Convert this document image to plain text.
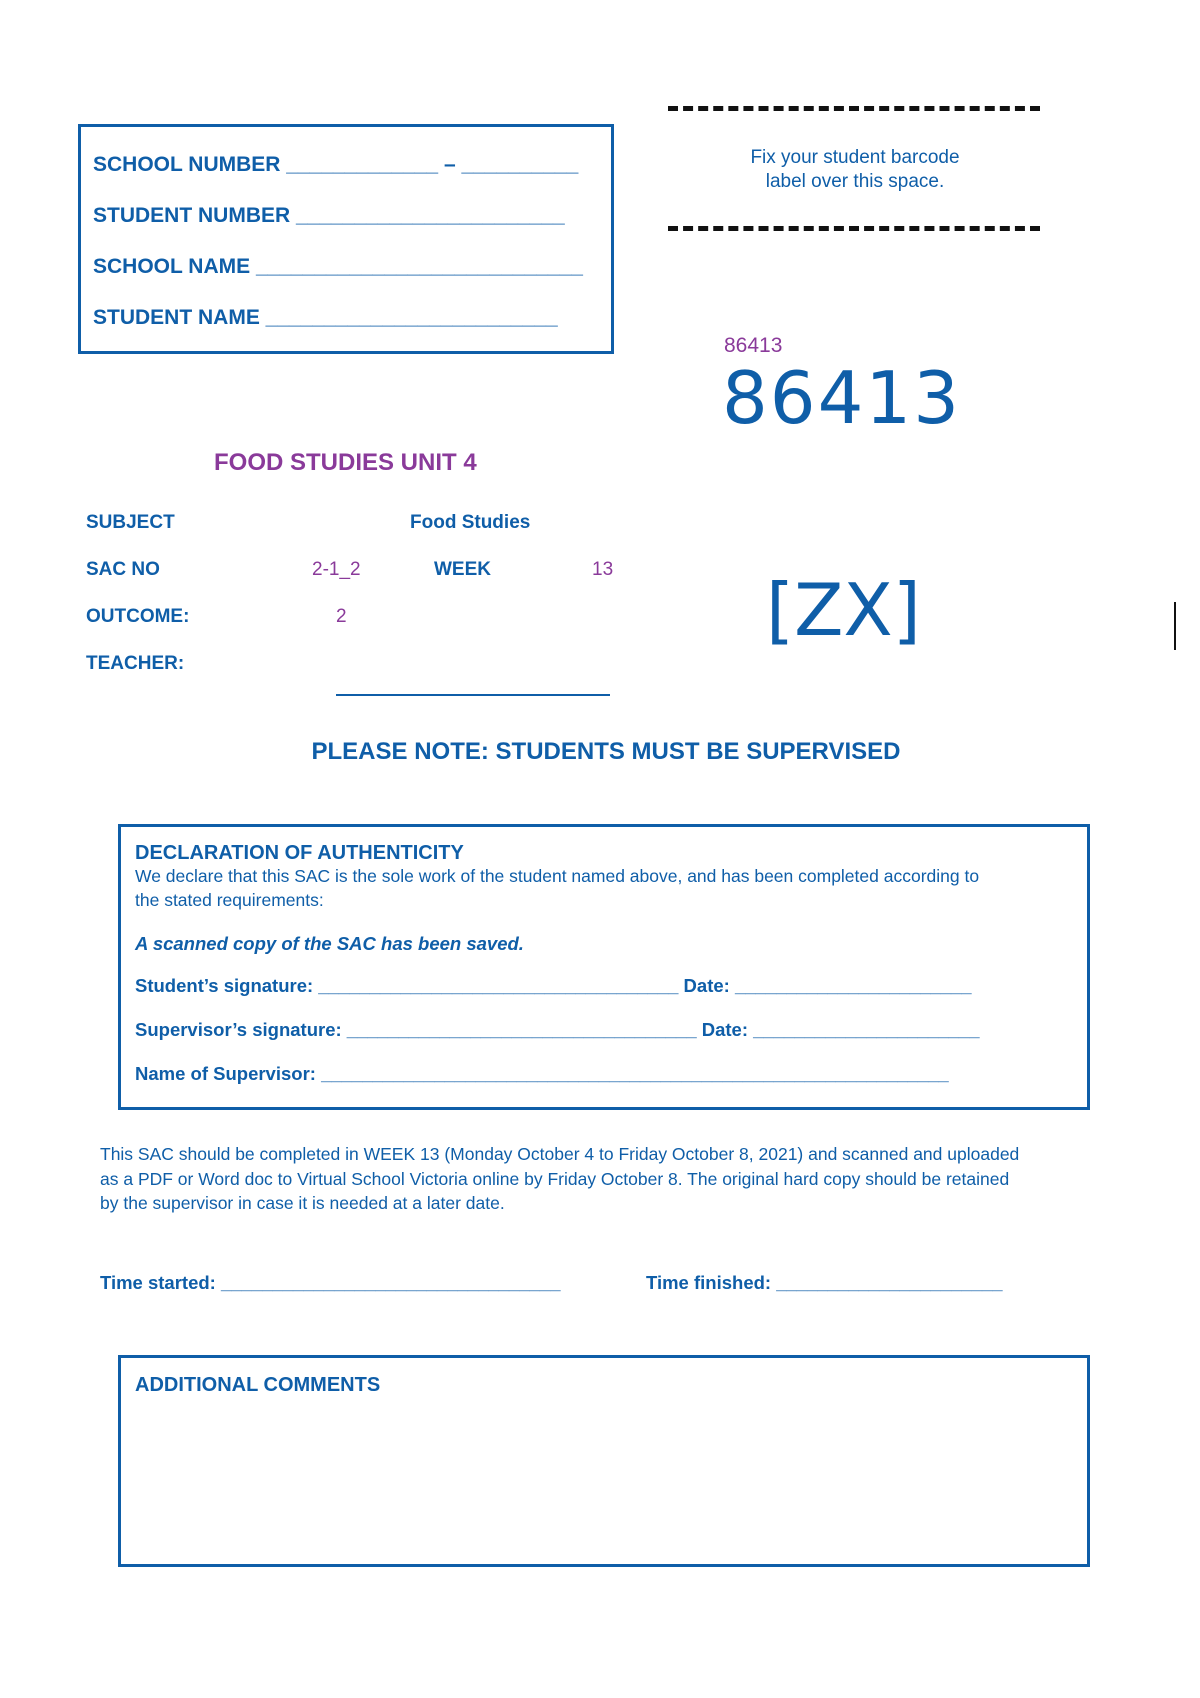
SCHOOL NUMBER _____________ – __________
STUDENT NUMBER _______________________
SCHOOL NAME ____________________________
STUDENT NAME _________________________
Fix your student barcode
label over this space.
86413
86413
[ZX]
FOOD STUDIES UNIT 4
SUBJECT	Food Studies
SAC NO	2-1_2	WEEK	13
OUTCOME:	2
TEACHER:
PLEASE NOTE: STUDENTS MUST BE SUPERVISED
DECLARATION OF AUTHENTICITY
We declare that this SAC is the sole work of the student named above, and has been completed according to
the stated requirements:
A scanned copy of the SAC has been saved.
Student’s signature: ___________________________________ Date: _______________________
Supervisor’s signature: __________________________________ Date: ______________________
Name of Supervisor: _____________________________________________________________
This SAC should be completed in WEEK 13 (Monday October 4 to Friday October 8, 2021) and scanned and uploaded
as a PDF or Word doc to Virtual School Victoria online by Friday October 8. The original hard copy should be retained
by the supervisor in case it is needed at a later date.
Time started: _________________________________	Time finished: ______________________
ADDITIONAL COMMENTS
